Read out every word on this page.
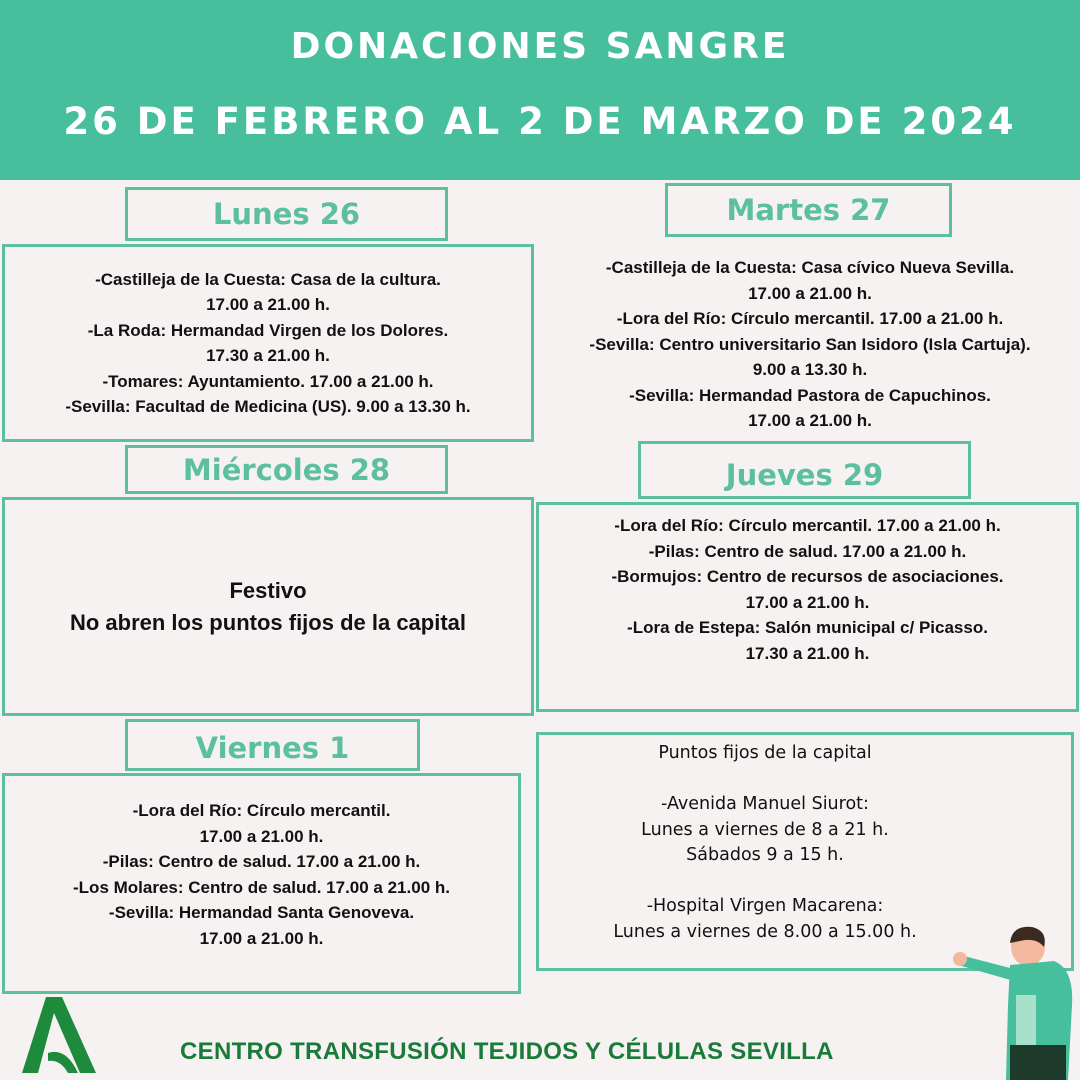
DONACIONES SANGRE
26 DE FEBRERO AL 2 DE MARZO DE 2024
-Castilleja de la Cuesta: Casa de la cultura.
17.00 a 21.00 h.
-La Roda: Hermandad Virgen de los Dolores.
17.30 a 21.00 h.
-Tomares: Ayuntamiento. 17.00 a 21.00 h.
-Sevilla: Facultad de Medicina (US). 9.00 a 13.30 h.
Lunes 26	Martes 27
-Castilleja de la Cuesta: Casa cívico Nueva Sevilla.
17.00 a 21.00 h.
-Lora del Río: Círculo mercantil. 17.00 a 21.00 h.
-Sevilla: Centro universitario San Isidoro (Isla Cartuja).
9.00 a 13.30 h.
-Sevilla: Hermandad Pastora de Capuchinos.
17.00 a 21.00 h.
Festivo
No abren los puntos fijos de la capital
Miércoles 28
-Lora del Río: Círculo mercantil. 17.00 a 21.00 h.
-Pilas: Centro de salud. 17.00 a 21.00 h.
-Bormujos: Centro de recursos de asociaciones.
17.00 a 21.00 h.
-Lora de Estepa: Salón municipal c/ Picasso.
17.30 a 21.00 h.
Jueves 29
-Lora del Río: Círculo mercantil.
17.00 a 21.00 h.
-Pilas: Centro de salud. 17.00 a 21.00 h.
-Los Molares: Centro de salud. 17.00 a 21.00 h.
-Sevilla: Hermandad Santa Genoveva.
17.00 a 21.00 h.
Viernes 1	Puntos fijos de la capital
-Avenida Manuel Siurot:
Lunes a viernes de 8 a 21 h.
Sábados 9 a 15 h.
-Hospital Virgen Macarena:
Lunes a viernes de 8.00 a 15.00 h.
CENTRO TRANSFUSIÓN TEJIDOS Y CÉLULAS SEVILLA
